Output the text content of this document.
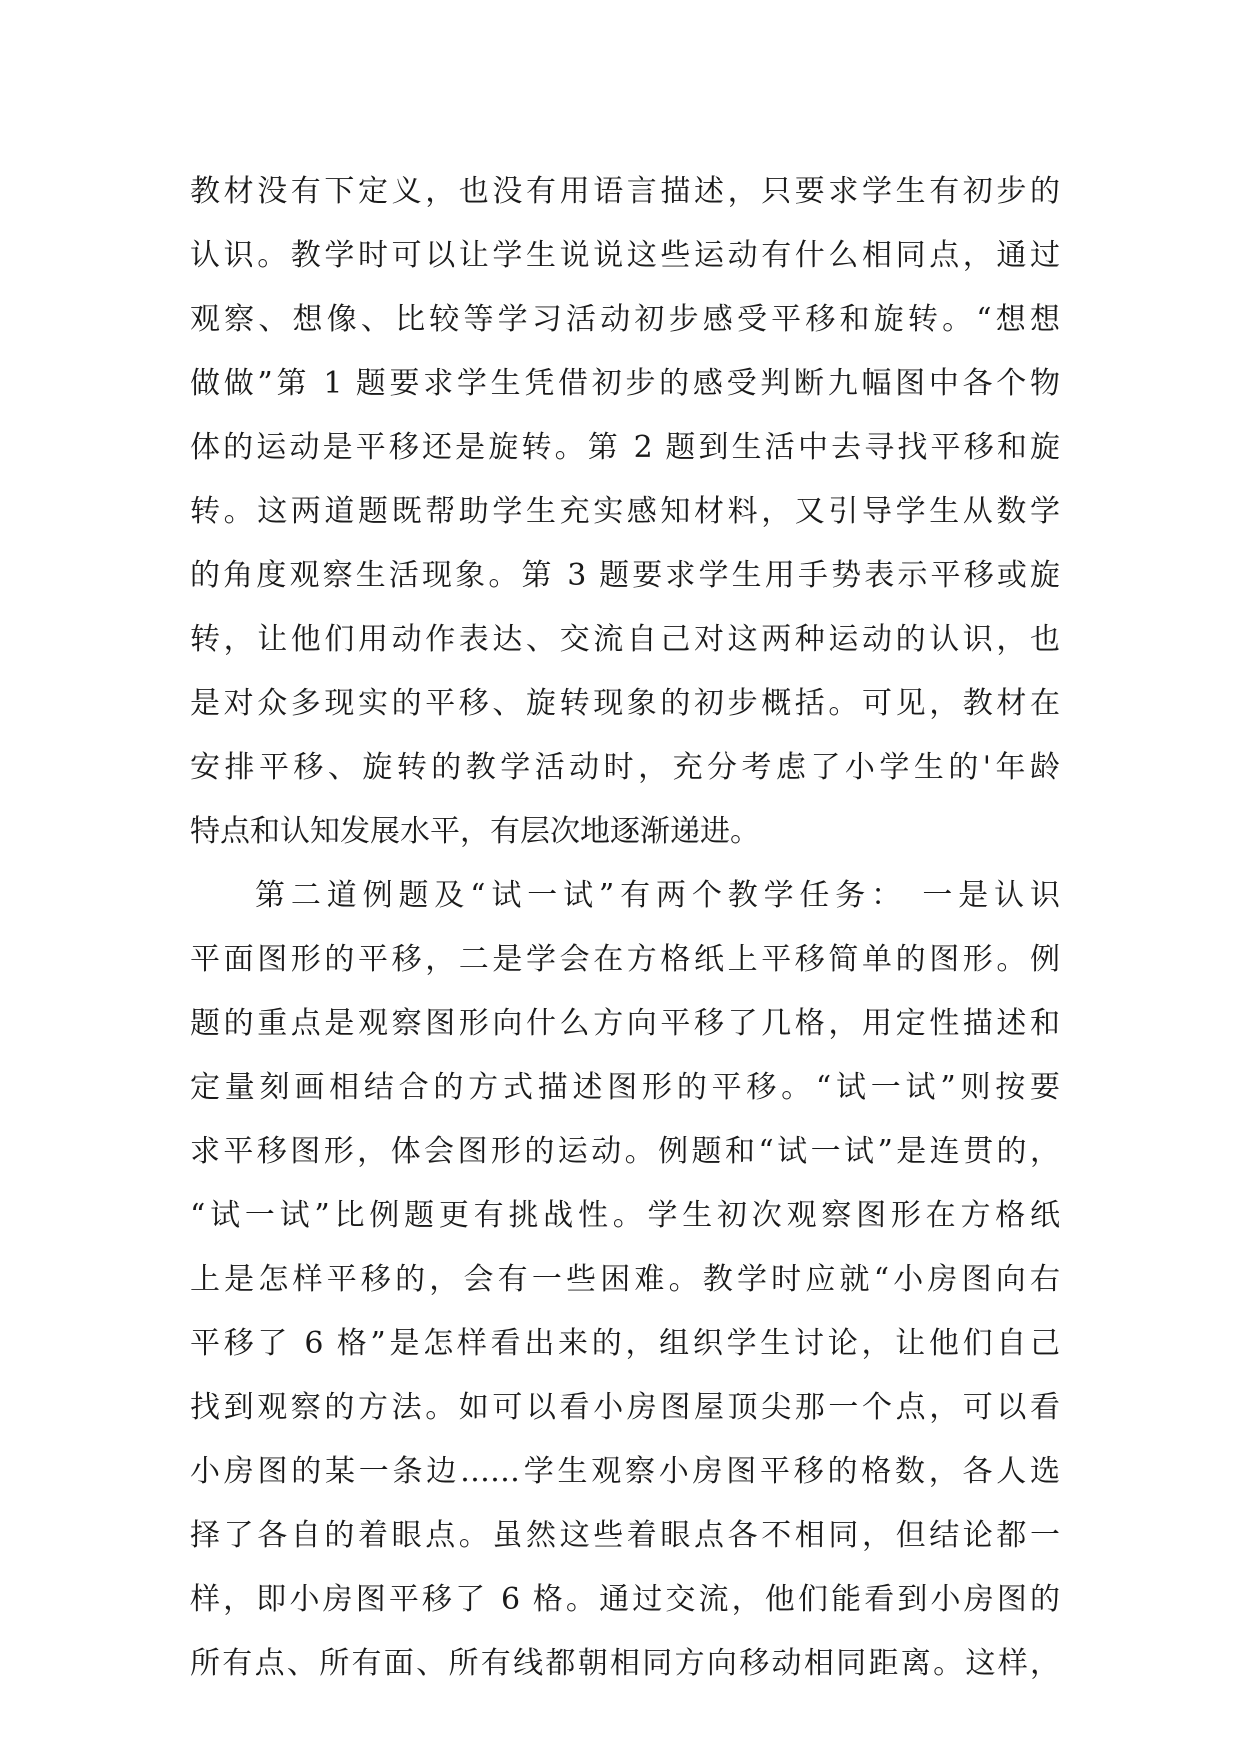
教材没有下定义，也没有用语言描述，只要求学生有初步的
认识。教学时可以让学生说说这些运动有什么相同点，通过
观察、想像、比较等学习活动初步感受平移和旋转。“想想
做做”第 1 题要求学生凭借初步的感受判断九幅图中各个物
体的运动是平移还是旋转。第 2 题到生活中去寻找平移和旋
转。这两道题既帮助学生充实感知材料，又引导学生从数学
的角度观察生活现象。第 3 题要求学生用手势表示平移或旋
转，让他们用动作表达、交流自己对这两种运动的认识，也
是对众多现实的平移、旋转现象的初步概括。可见，教材在
安排平移、旋转的教学活动时，充分考虑了小学生的'年龄
特点和认知发展水平，有层次地逐渐递进。
第二道例题及“试一试”有两个教学任务： 一是认识
平面图形的平移，二是学会在方格纸上平移简单的图形。例
题的重点是观察图形向什么方向平移了几格，用定性描述和
定量刻画相结合的方式描述图形的平移。“试一试”则按要
求平移图形，体会图形的运动。例题和“试一试”是连贯的，
“试一试”比例题更有挑战性。学生初次观察图形在方格纸
上是怎样平移的，会有一些困难。教学时应就“小房图向右
平移了 6 格”是怎样看出来的，组织学生讨论，让他们自己
找到观察的方法。如可以看小房图屋顶尖那一个点，可以看
小房图的某一条边……学生观察小房图平移的格数，各人选
择了各自的着眼点。虽然这些着眼点各不相同，但结论都一
样，即小房图平移了 6 格。通过交流，他们能看到小房图的
所有点、所有面、所有线都朝相同方向移动相同距离。这样，
